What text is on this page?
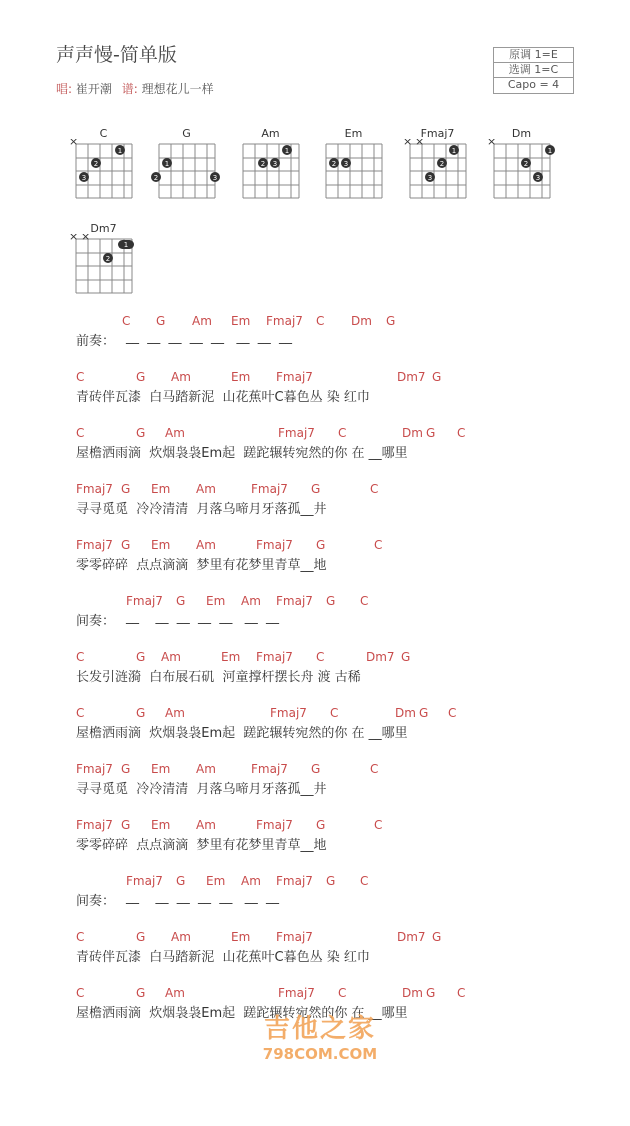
声声慢-简单版
唱: 崔开潮 谱: 理想花儿一样
原调 1=E
选调 1=C
Capo = 4
C
×
1
2
3
G
1
2	3
Am
1
2 3
Em
2 3
Fmaj7
× ×
1
2
3
Dm
×
1
2
3
Dm7
× ×
1
2

C

G

Am

Em

Fmaj7

C

Dm

G

前奏：

__  __  __  __  __   __  __  __

C

	G

Am

	Em

Fmaj7

	Dm7

G

青砖伴瓦漆  白马踏新泥  山花蕉叶C暮色丛 染 红巾

C

	G

Am

	Fmaj7

C

	Dm

G

C

屋檐洒雨滴  炊烟袅袅Em起  蹉跎辗转宛然的你 在 __哪里

Fmaj7

G

Em

Am

	Fmaj7

G

	C

寻寻觅觅  冷冷清清  月落乌啼月牙落孤__井

Fmaj7

G

Em

Am

	Fmaj7

G

	C

零零碎碎  点点滴滴  梦里有花梦里青草__地

Fmaj7

G

Em

Am

Fmaj7

G

C

间奏：

__    __  __  __  __   __  __

C

	G

Am

	Em

Fmaj7

C

	Dm7

G

长发引涟漪  白布展石矶  河童撑杆摆长舟 渡 古稀

C

	G

Am

	Fmaj7

C

	Dm

G

C

屋檐洒雨滴  炊烟袅袅Em起  蹉跎辗转宛然的你 在 __哪里

Fmaj7

G

Em

Am

	Fmaj7

G

	C

寻寻觅觅  冷冷清清  月落乌啼月牙落孤__井

Fmaj7

G

Em

Am

	Fmaj7

G

	C

零零碎碎  点点滴滴  梦里有花梦里青草__地

Fmaj7

G

Em

Am

Fmaj7

G

C

间奏：

__    __  __  __  __   __  __

C

	G

Am

	Em

Fmaj7

	Dm7

G

青砖伴瓦漆  白马踏新泥  山花蕉叶C暮色丛 染 红巾

C

	G

Am

	Fmaj7

C

	Dm

G

C

屋檐洒雨滴  炊烟袅袅Em起  蹉跎辗转宛然的你 在 __哪里
吉他之家
798COM.COM
